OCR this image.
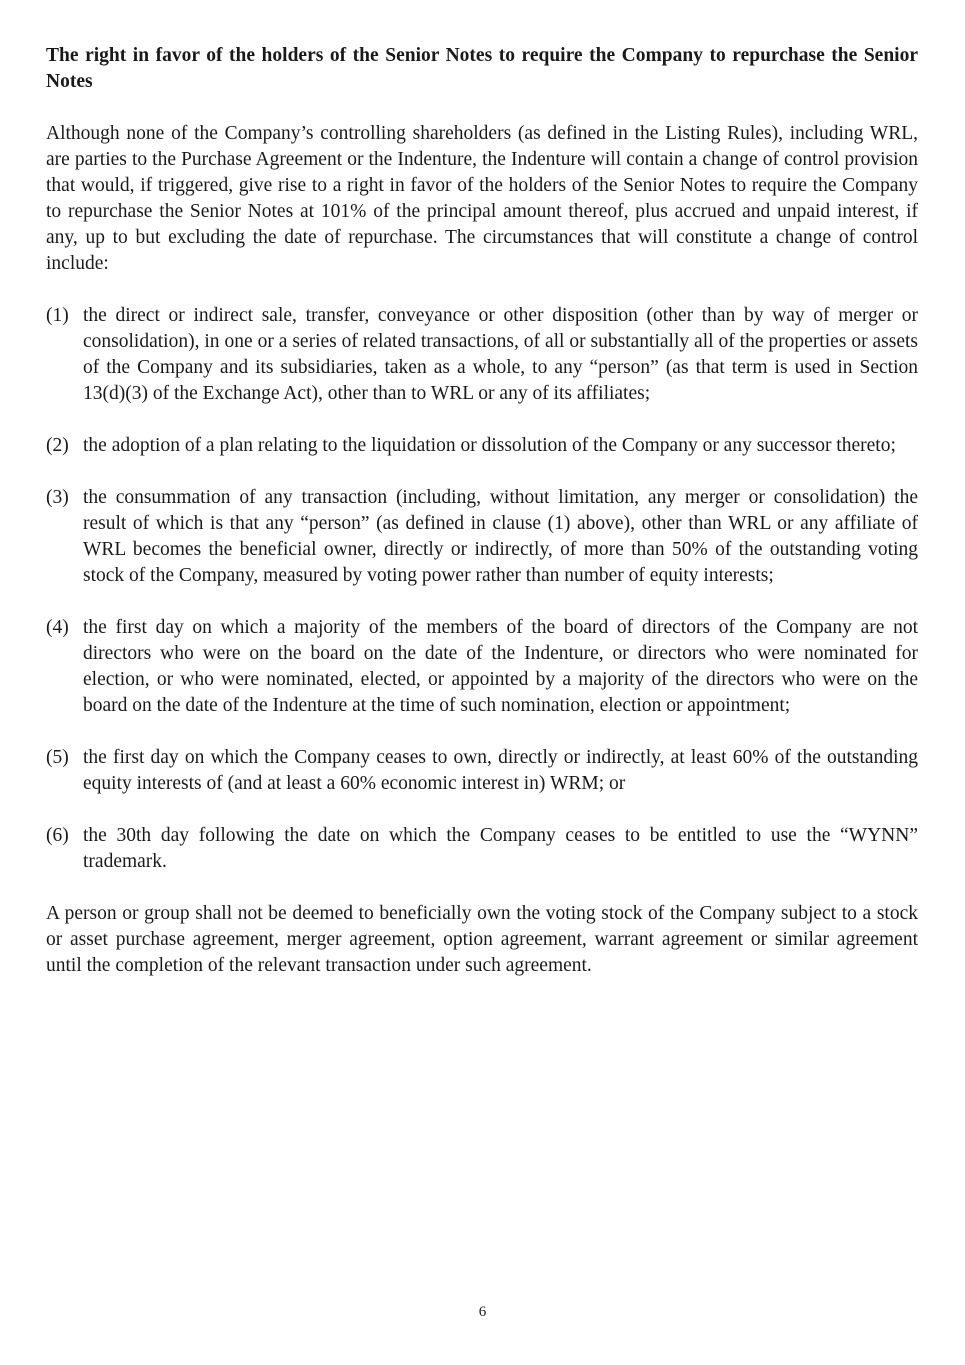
The right in favor of the holders of the Senior Notes to require the Company to repurchase the Senior Notes
Although none of the Company’s controlling shareholders (as defined in the Listing Rules), including WRL, are parties to the Purchase Agreement or the Indenture, the Indenture will contain a change of control provision that would, if triggered, give rise to a right in favor of the holders of the Senior Notes to require the Company to repurchase the Senior Notes at 101% of the principal amount thereof, plus accrued and unpaid interest, if any, up to but excluding the date of repurchase. The circumstances that will constitute a change of control include:
(1) the direct or indirect sale, transfer, conveyance or other disposition (other than by way of merger or consolidation), in one or a series of related transactions, of all or substantially all of the properties or assets of the Company and its subsidiaries, taken as a whole, to any “person” (as that term is used in Section 13(d)(3) of the Exchange Act), other than to WRL or any of its affiliates;
(2) the adoption of a plan relating to the liquidation or dissolution of the Company or any successor thereto;
(3) the consummation of any transaction (including, without limitation, any merger or consolidation) the result of which is that any “person” (as defined in clause (1) above), other than WRL or any affiliate of WRL becomes the beneficial owner, directly or indirectly, of more than 50% of the outstanding voting stock of the Company, measured by voting power rather than number of equity interests;
(4) the first day on which a majority of the members of the board of directors of the Company are not directors who were on the board on the date of the Indenture, or directors who were nominated for election, or who were nominated, elected, or appointed by a majority of the directors who were on the board on the date of the Indenture at the time of such nomination, election or appointment;
(5) the first day on which the Company ceases to own, directly or indirectly, at least 60% of the outstanding equity interests of (and at least a 60% economic interest in) WRM; or
(6) the 30th day following the date on which the Company ceases to be entitled to use the “WYNN” trademark.
A person or group shall not be deemed to beneficially own the voting stock of the Company subject to a stock or asset purchase agreement, merger agreement, option agreement, warrant agreement or similar agreement until the completion of the relevant transaction under such agreement.
6
